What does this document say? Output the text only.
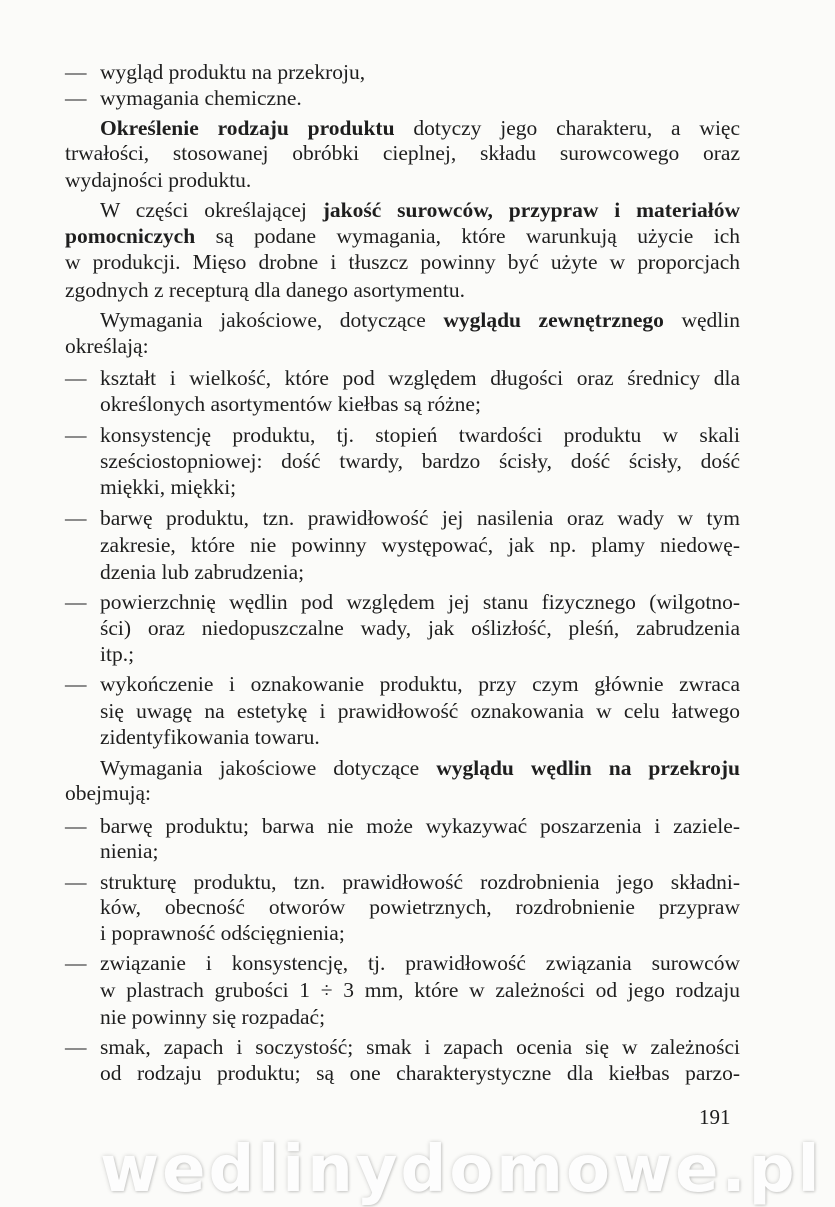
— wygląd produktu na przekroju,
— wymagania chemiczne.
Określenie rodzaju produktu dotyczy jego charakteru, a więc
trwałości, stosowanej obróbki cieplnej, składu surowcowego oraz
wydajności produktu.
W części określającej jakość surowców, przypraw i materiałów
pomocniczych są podane wymagania, które warunkują użycie ich
w produkcji. Mięso drobne i tłuszcz powinny być użyte w proporcjach
zgodnych z recepturą dla danego asortymentu.
Wymagania jakościowe, dotyczące wyglądu zewnętrznego wędlin
określają:
— kształt i wielkość, które pod względem długości oraz średnicy dla
określonych asortymentów kiełbas są różne;
— konsystencję produktu, tj. stopień twardości produktu w skali
sześciostopniowej: dość twardy, bardzo ścisły, dość ścisły, dość
miękki, miękki;
— barwę produktu, tzn. prawidłowość jej nasilenia oraz wady w tym
zakresie, które nie powinny występować, jak np. plamy niedowę-
dzenia lub zabrudzenia;
— powierzchnię wędlin pod względem jej stanu fizycznego (wilgotno-
ści) oraz niedopuszczalne wady, jak oślizłość, pleśń, zabrudzenia
itp.;
— wykończenie i oznakowanie produktu, przy czym głównie zwraca
się uwagę na estetykę i prawidłowość oznakowania w celu łatwego
zidentyfikowania towaru.
Wymagania jakościowe dotyczące wyglądu wędlin na przekroju
obejmują:
— barwę produktu; barwa nie może wykazywać poszarzenia i zaziele-
nienia;
— strukturę produktu, tzn. prawidłowość rozdrobnienia jego składni-
ków, obecność otworów powietrznych, rozdrobnienie przypraw
i poprawność odścięgnienia;
— związanie i konsystencję, tj. prawidłowość związania surowców
w plastrach grubości 1 ÷ 3 mm, które w zależności od jego rodzaju
nie powinny się rozpadać;
— smak, zapach i soczystość; smak i zapach ocenia się w zależności
od rodzaju produktu; są one charakterystyczne dla kiełbas parzo-
wedlinydomowe.pl
191
